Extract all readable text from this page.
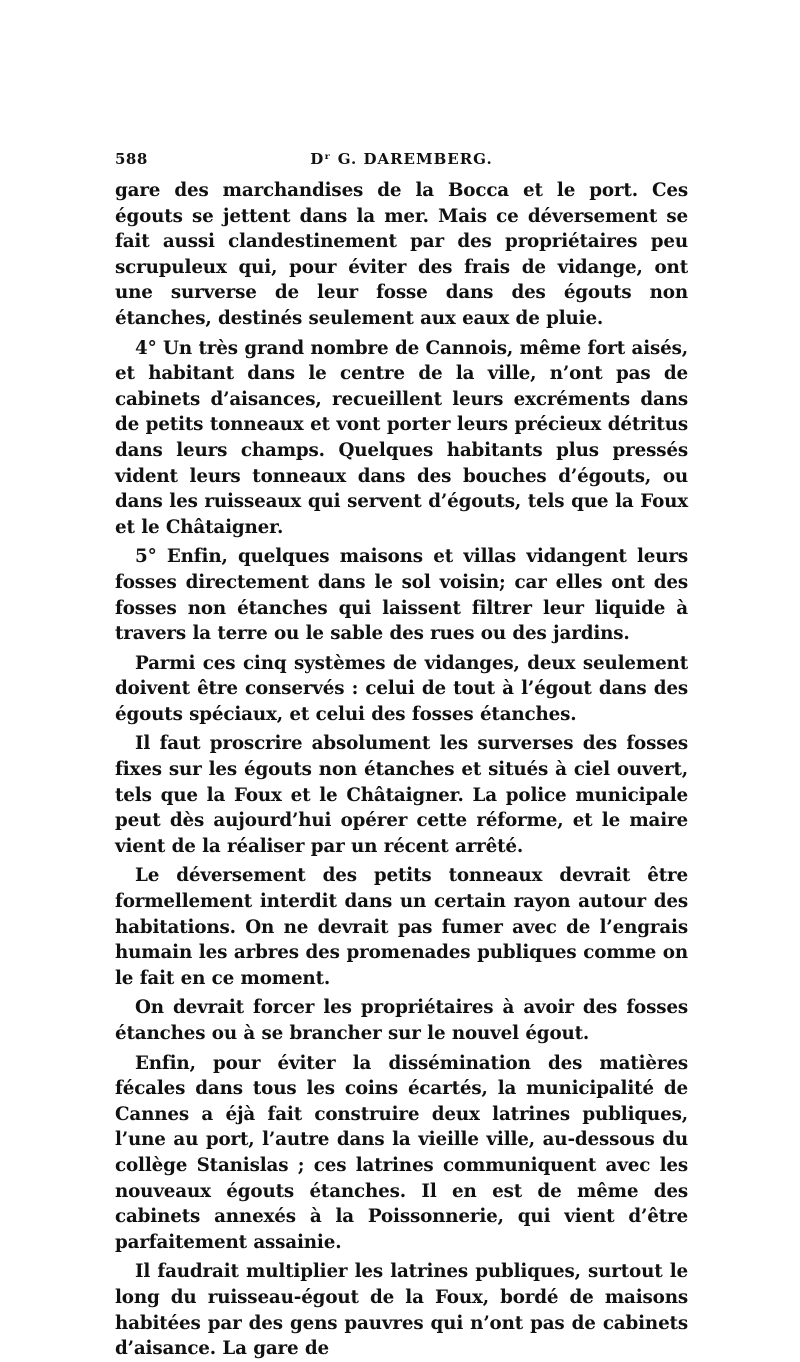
588	Dʳ G. DAREMBERG.

gare des marchandises de la Bocca et le port. Ces égouts se jettent dans la mer. Mais ce déversement se fait aussi clandestinement par des propriétaires peu scrupuleux qui, pour éviter des frais de vidange, ont une surverse de leur fosse dans des égouts non étanches, destinés seulement aux eaux de pluie.

4° Un très grand nombre de Cannois, même fort aisés, et habitant dans le centre de la ville, n’ont pas de cabinets d’aisances, recueillent leurs excréments dans de petits tonneaux et vont porter leurs précieux détritus dans leurs champs. Quelques habitants plus pressés vident leurs tonneaux dans des bouches d’égouts, ou dans les ruisseaux qui servent d’égouts, tels que la Foux et le Châtaigner.

5° Enfin, quelques maisons et villas vidangent leurs fosses directement dans le sol voisin; car elles ont des fosses non étanches qui laissent filtrer leur liquide à travers la terre ou le sable des rues ou des jardins.

Parmi ces cinq systèmes de vidanges, deux seulement doivent être conservés : celui de tout à l’égout dans des égouts spéciaux, et celui des fosses étanches.

Il faut proscrire absolument les surverses des fosses fixes sur les égouts non étanches et situés à ciel ouvert, tels que la Foux et le Châtaigner. La police municipale peut dès aujourd’hui opérer cette réforme, et le maire vient de la réaliser par un récent arrêté.

Le déversement des petits tonneaux devrait être formellement interdit dans un certain rayon autour des habitations. On ne devrait pas fumer avec de l’engrais humain les arbres des promenades publiques comme on le fait en ce moment.

On devrait forcer les propriétaires à avoir des fosses étanches ou à se brancher sur le nouvel égout.

Enfin, pour éviter la dissémination des matières fécales dans tous les coins écartés, la municipalité de Cannes a éjà fait construire deux latrines publiques, l’une au port, l’autre dans la vieille ville, au-dessous du collège Stanislas ; ces latrines communiquent avec les nouveaux égouts étanches. Il en est de même des cabinets annexés à la Poissonnerie, qui vient d’être parfaitement assainie.

Il faudrait multiplier les latrines publiques, surtout le long du ruisseau-égout de la Foux, bordé de maisons habitées par des gens pauvres qui n’ont pas de cabinets d’aisance. La gare de
